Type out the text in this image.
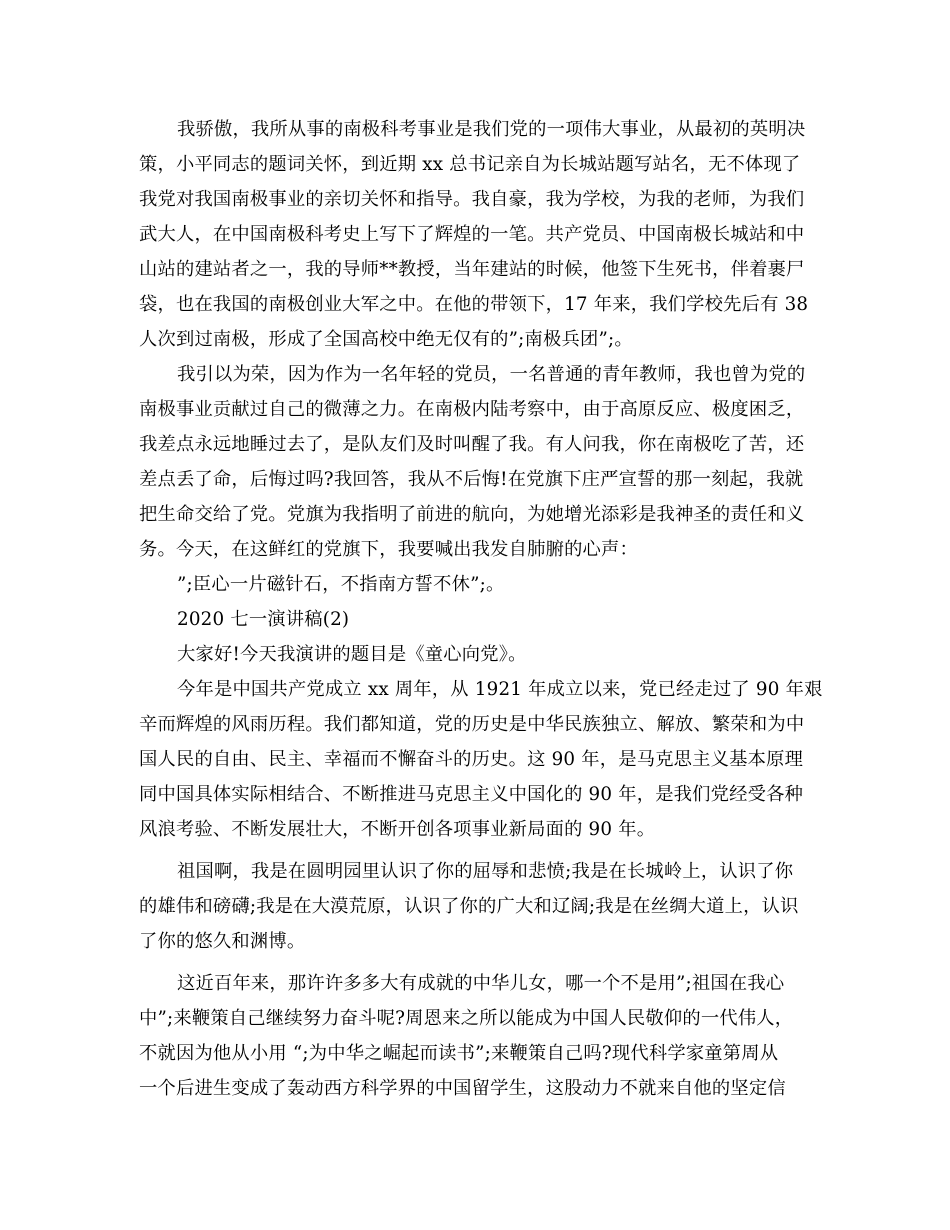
我骄傲，我所从事的南极科考事业是我们党的一项伟大事业，从最初的英明决
策，小平同志的题词关怀，到近期 xx 总书记亲自为长城站题写站名，无不体现了
我党对我国南极事业的亲切关怀和指导。我自豪，我为学校，为我的老师，为我们
武大人，在中国南极科考史上写下了辉煌的一笔。共产党员、中国南极长城站和中
山站的建站者之一，我的导师**教授，当年建站的时候，他签下生死书，伴着裹尸
袋，也在我国的南极创业大军之中。在他的带领下，17 年来，我们学校先后有 38
人次到过南极，形成了全国高校中绝无仅有的”;南极兵团”;。
我引以为荣，因为作为一名年轻的党员，一名普通的青年教师，我也曾为党的
南极事业贡献过自己的微薄之力。在南极内陆考察中，由于高原反应、极度困乏，
我差点永远地睡过去了，是队友们及时叫醒了我。有人问我，你在南极吃了苦，还
差点丢了命，后悔过吗?我回答，我从不后悔!在党旗下庄严宣誓的那一刻起，我就
把生命交给了党。党旗为我指明了前进的航向，为她增光添彩是我神圣的责任和义
务。今天，在这鲜红的党旗下，我要喊出我发自肺腑的心声：
”;臣心一片磁针石，不指南方誓不休”;。
2020 七一演讲稿(2)
大家好!今天我演讲的题目是《童心向党》。
今年是中国共产党成立 xx 周年，从 1921 年成立以来，党已经走过了 90 年艰
辛而辉煌的风雨历程。我们都知道，党的历史是中华民族独立、解放、繁荣和为中
国人民的自由、民主、幸福而不懈奋斗的历史。这 90 年，是马克思主义基本原理
同中国具体实际相结合、不断推进马克思主义中国化的 90 年，是我们党经受各种
风浪考验、不断发展壮大，不断开创各项事业新局面的 90 年。
祖国啊，我是在圆明园里认识了你的屈辱和悲愤;我是在长城岭上，认识了你
的雄伟和磅礴;我是在大漠荒原，认识了你的广大和辽阔;我是在丝绸大道上，认识
了你的悠久和渊博。
这近百年来，那许许多多大有成就的中华儿女，哪一个不是用”;祖国在我心
中”;来鞭策自己继续努力奋斗呢?周恩来之所以能成为中国人民敬仰的一代伟人，
不就因为他从小用 “;为中华之崛起而读书”;来鞭策自己吗?现代科学家童第周从
一个后进生变成了轰动西方科学界的中国留学生，这股动力不就来自他的坚定信
